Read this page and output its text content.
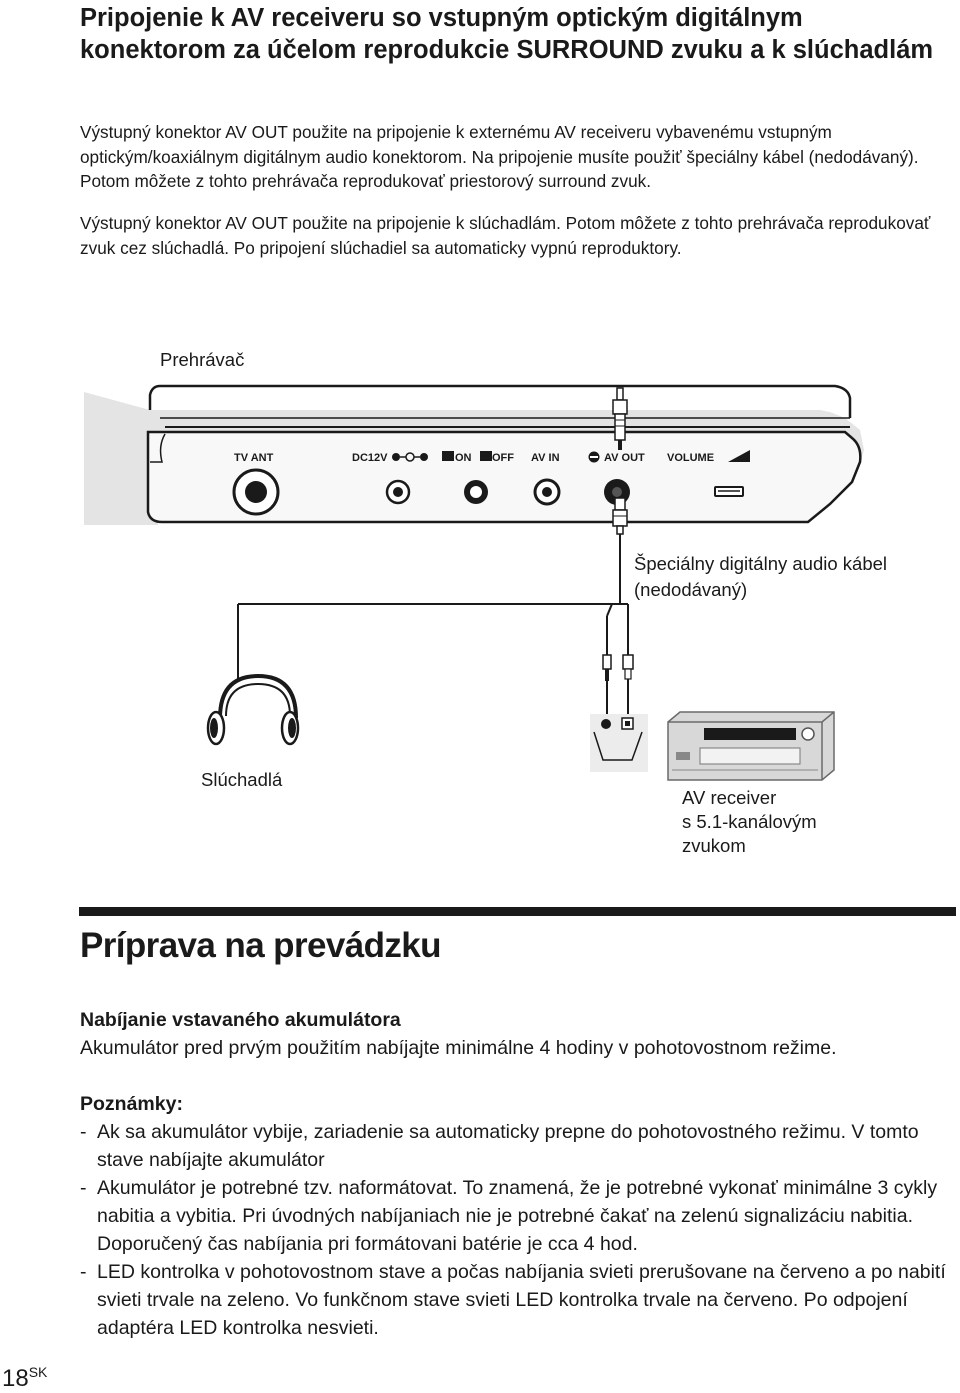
Pripojenie k AV receiveru so vstupným optickým digitálnym konektorom za účelom reprodukcie SURROUND zvuku a k slúchadlám
Výstupný konektor AV OUT použite na pripojenie k externému AV receiveru vybavenému vstupným optickým/koaxiálnym digitálnym audio konektorom. Na pripojenie musíte použiť špeciálny kábel (nedodávaný). Potom môžete z tohto prehrávača reprodukovať priestorový surround zvuk.
Výstupný konektor AV OUT použite na pripojenie k slúchadlám. Potom môžete z tohto prehrávača reprodukovať zvuk cez slúchadlá. Po pripojení slúchadiel sa automaticky vypnú reproduktory.
Prehrávač
TV ANT	DC12V	ON OFF AV IN	AV OUT VOLUME
Špeciálny digitálny audio kábel
(nedodávaný)
Slúchadlá
AV receiver
s 5.1-kanálovým
zvukom
Príprava na prevádzku
Nabíjanie vstavaného akumulátora
Akumulátor pred prvým použitím nabíjajte minimálne 4 hodiny v pohotovostnom režime.
Poznámky:
- Ak sa akumulátor vybije, zariadenie sa automaticky prepne do pohotovostného režimu. V tomto stave nabíjajte akumulátor
- Akumulátor je potrebné tzv. naformátovat. To znamená, že je potrebné vykonať minimálne 3 cykly nabitia a vybitia. Pri úvodných nabíjaniach nie je potrebné čakať na zelenú signalizáciu nabitia. Doporučený čas nabíjania pri formátovani batérie je cca 4 hod.
- LED kontrolka v pohotovostnom stave a počas nabíjania svieti prerušovane na červeno a po nabití svieti trvale na zeleno. Vo funkčnom stave svieti LED kontrolka trvale na červeno. Po odpojení adaptéra LED kontrolka nesvieti.
$18^{SK}$
